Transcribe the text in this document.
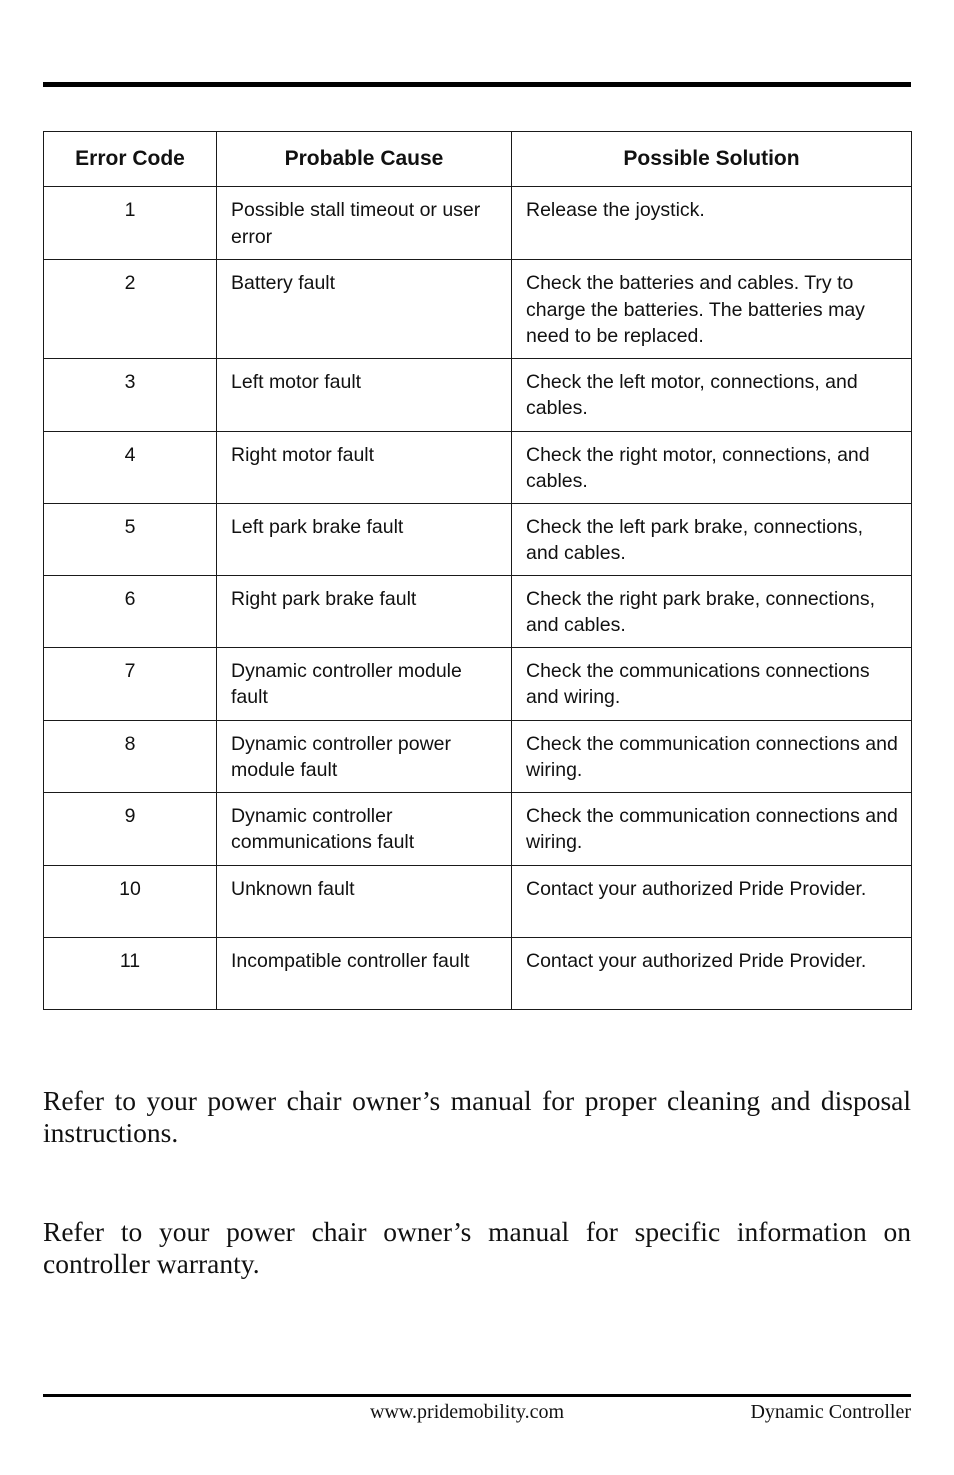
Error Code	Probable Cause	Possible Solution
1	Possible stall timeout or user error	Release the joystick.
2	Battery fault	Check the batteries and cables. Try to charge the batteries. The batteries may need to be replaced.
3	Left motor fault	Check the left motor, connections, and cables.
4	Right motor fault	Check the right motor, connections, and cables.
5	Left park brake fault	Check the left park brake, connections, and cables.
6	Right park brake fault	Check the right park brake, connections, and cables.
7	Dynamic controller module fault	Check the communications connections and wiring.
8	Dynamic controller power module fault	Check the communication connections and wiring.
9	Dynamic controller communications fault	Check the communication connections and wiring.
10	Unknown fault	Contact your authorized Pride Provider.
11	Incompatible controller fault	Contact your authorized Pride Provider.

Refer to your power chair owner’s manual for proper cleaning and disposal instructions.

Refer to your power chair owner’s manual for specific information on controller warranty.

www.pridemobility.com	Dynamic Controller
